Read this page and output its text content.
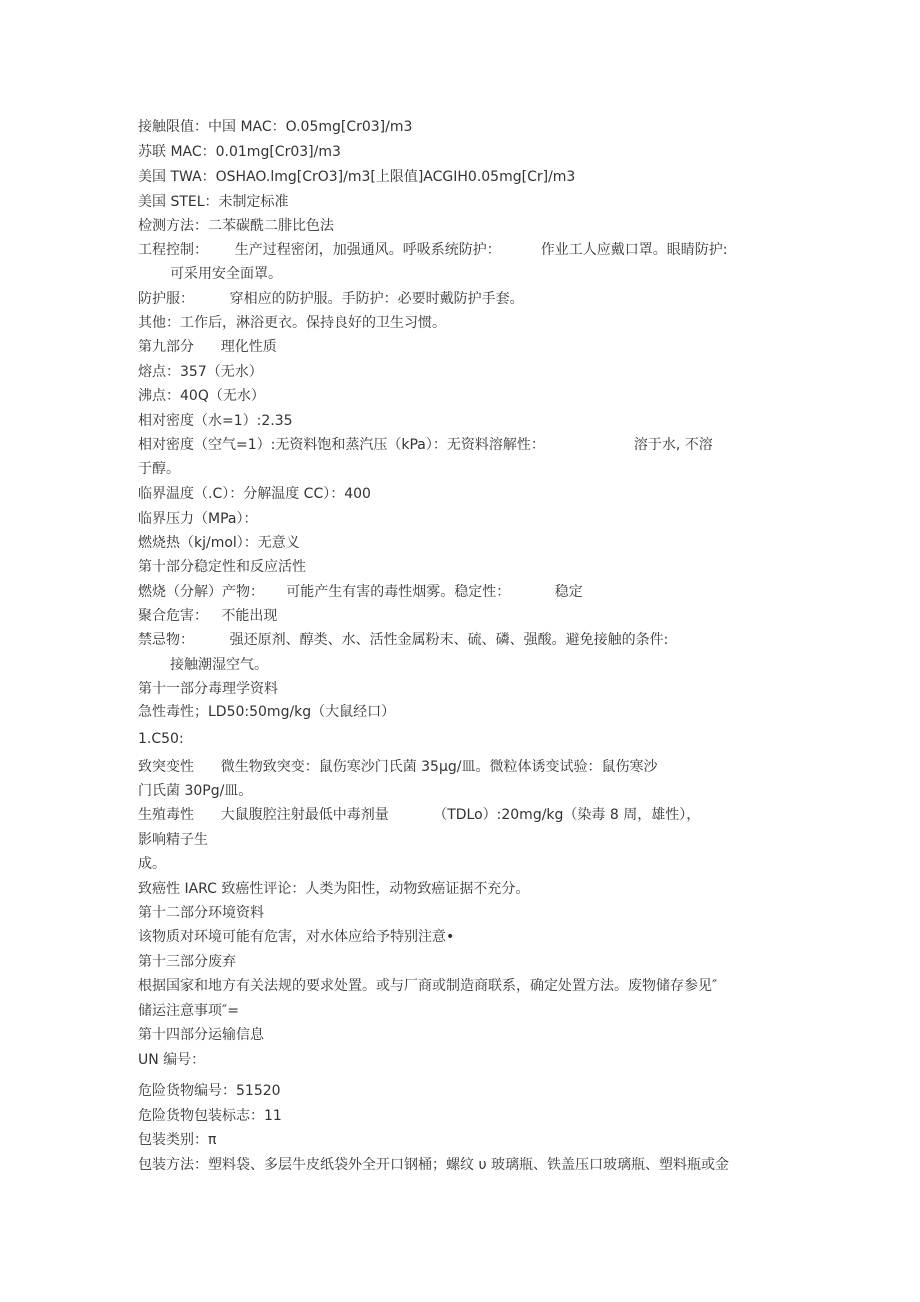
接触限值：中国 MAC：O.05mg[Cr03]/m3
苏联 MAC：0.01mg[Cr03]/m3
美国 TWA：OSHAO.lmg[CrO3]/m3[上限值]ACGIH0.05mg[Cr]/m3
美国 STEL：未制定标准
检测方法：二苯碳酰二腓比色法
工程控制：      生产过程密闭，加强通风。呼吸系统防护：         作业工人应戴口罩。眼睛防护:
可采用安全面罩。
防护服：        穿相应的防护服。手防护：必要时戴防护手套。
其他：工作后，淋浴更衣。保持良好的卫生习惯。
第九部分      理化性质
熔点：357（无水）
沸点：40Q（无水）
相对密度（水=1）:2.35
相对密度（空气=1）:无资料饱和蒸汽压（kPa）：无资料溶解性：                    溶于水, 不溶
于醇。
临界温度（.C）：分解温度 CC）：400
临界压力（MPa）：
燃烧热（kj/mol）：无意义
第十部分稳定性和反应活性
燃烧（分解）产物：     可能产生有害的毒性烟雾。稳定性：          稳定
聚合危害：   不能出现
禁忌物：        强还原剂、醇类、水、活性金属粉末、硫、磷、强酸。避免接触的条件:
接触潮湿空气。
第十一部分毒理学资料
急性毒性；LD50:50mg/kg（大鼠经口）
1.C50:
致突变性      微生物致突变：鼠伤寒沙门氏菌 35μg/皿。微粒体诱变试验：鼠伤寒沙
门氏菌 30Pg/皿。
生殖毒性      大鼠腹腔注射最低中毒剂量          （TDLo）:20mg/kg（染毒 8 周，雄性），
影响精子生
成。
致癌性 IARC 致癌性评论：人类为阳性，动物致癌证据不充分。
第十二部分环境资料
该物质对环境可能有危害，对水体应给予特别注意•
第十三部分废弃
根据国家和地方有关法规的要求处置。或与厂商或制造商联系，确定处置方法。废物储存参见″
储运注意事项″=
第十四部分运输信息
UN 编号：
危险货物编号：51520
危险货物包装标志：11
包装类别：π
包装方法：塑料袋、多层牛皮纸袋外全开口钢桶；螺纹 υ 玻璃瓶、铁盖压口玻璃瓶、塑料瓶或金
